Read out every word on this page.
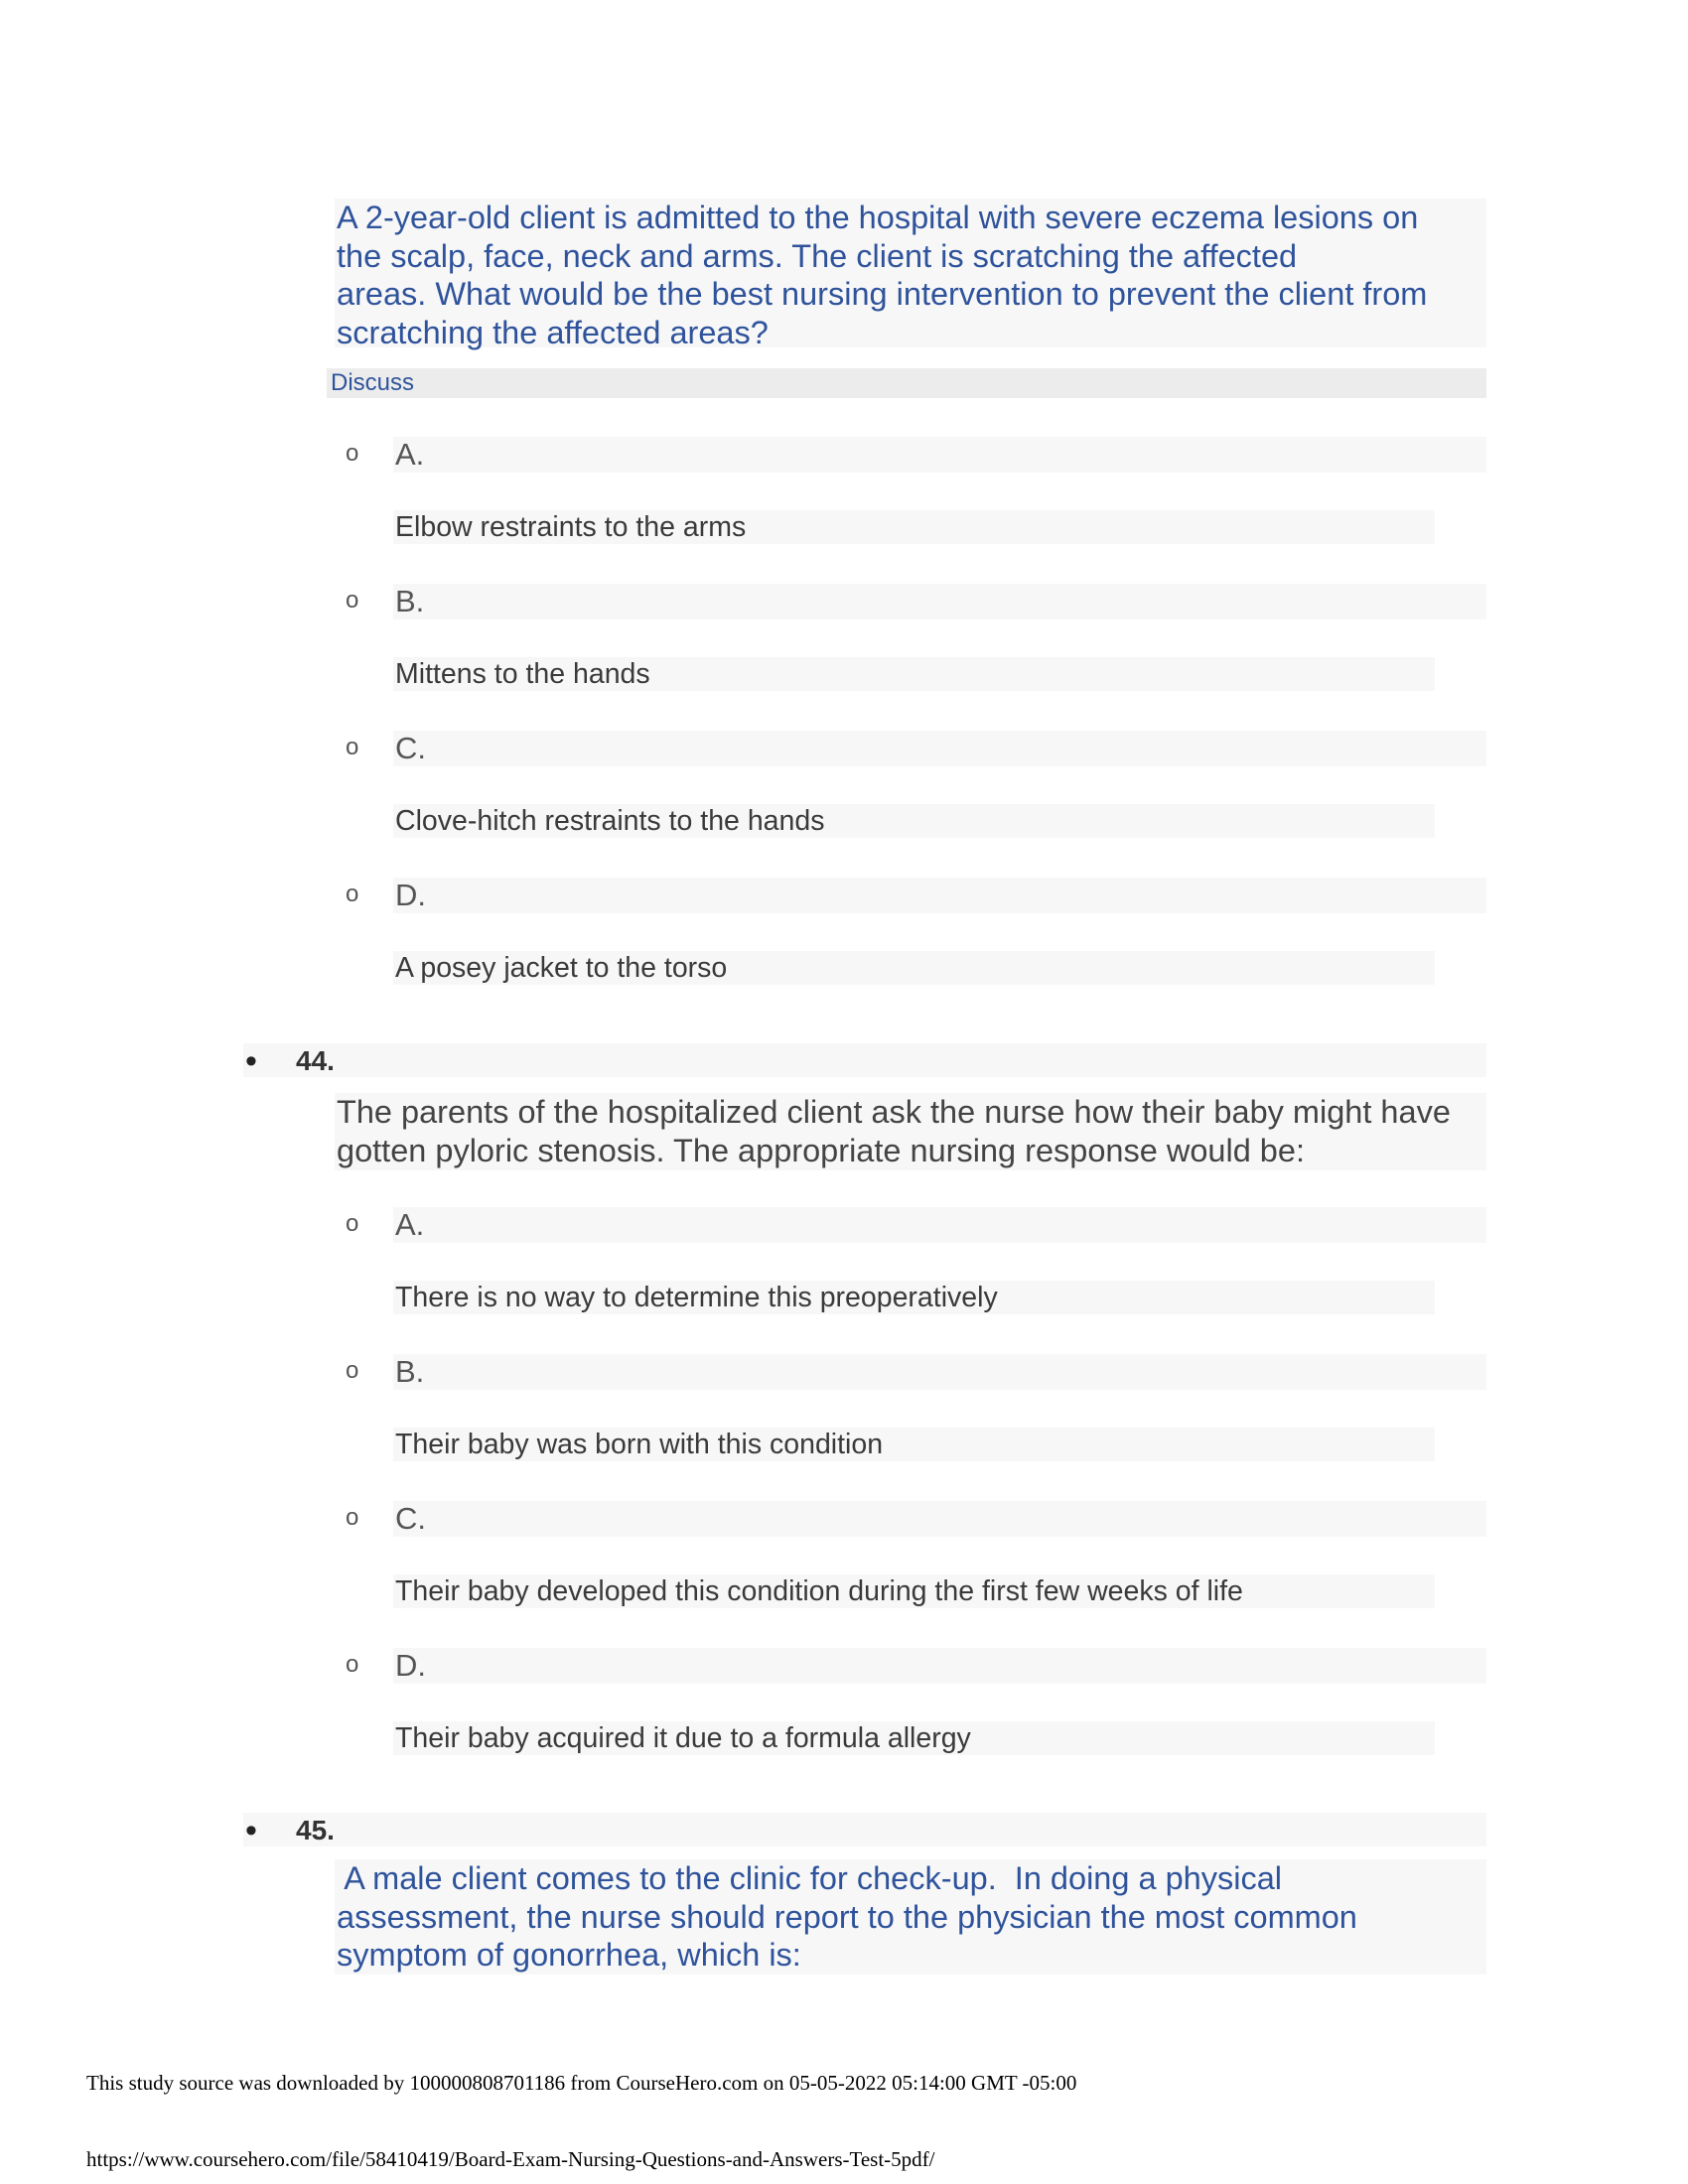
A 2-year-old client is admitted to the hospital with severe eczema lesions on
the scalp, face, neck and arms. The client is scratching the affected
areas. What would be the best nursing intervention to prevent the client from
scratching the affected areas?
Discuss
o A.
Elbow restraints to the arms
o B.
Mittens to the hands
o C.
Clove-hitch restraints to the hands
o D.
A posey jacket to the torso
• 44.
The parents of the hospitalized client ask the nurse how their baby might have
gotten pyloric stenosis. The appropriate nursing response would be:
o A.
There is no way to determine this preoperatively
o B.
Their baby was born with this condition
o C.
Their baby developed this condition during the first few weeks of life
o D.
Their baby acquired it due to a formula allergy
• 45.
A male client comes to the clinic for check-up.  In doing a physical
assessment, the nurse should report to the physician the most common
symptom of gonorrhea, which is:
This study source was downloaded by 100000808701186 from CourseHero.com on 05-05-2022 05:14:00 GMT -05:00
https://www.coursehero.com/file/58410419/Board-Exam-Nursing-Questions-and-Answers-Test-5pdf/
